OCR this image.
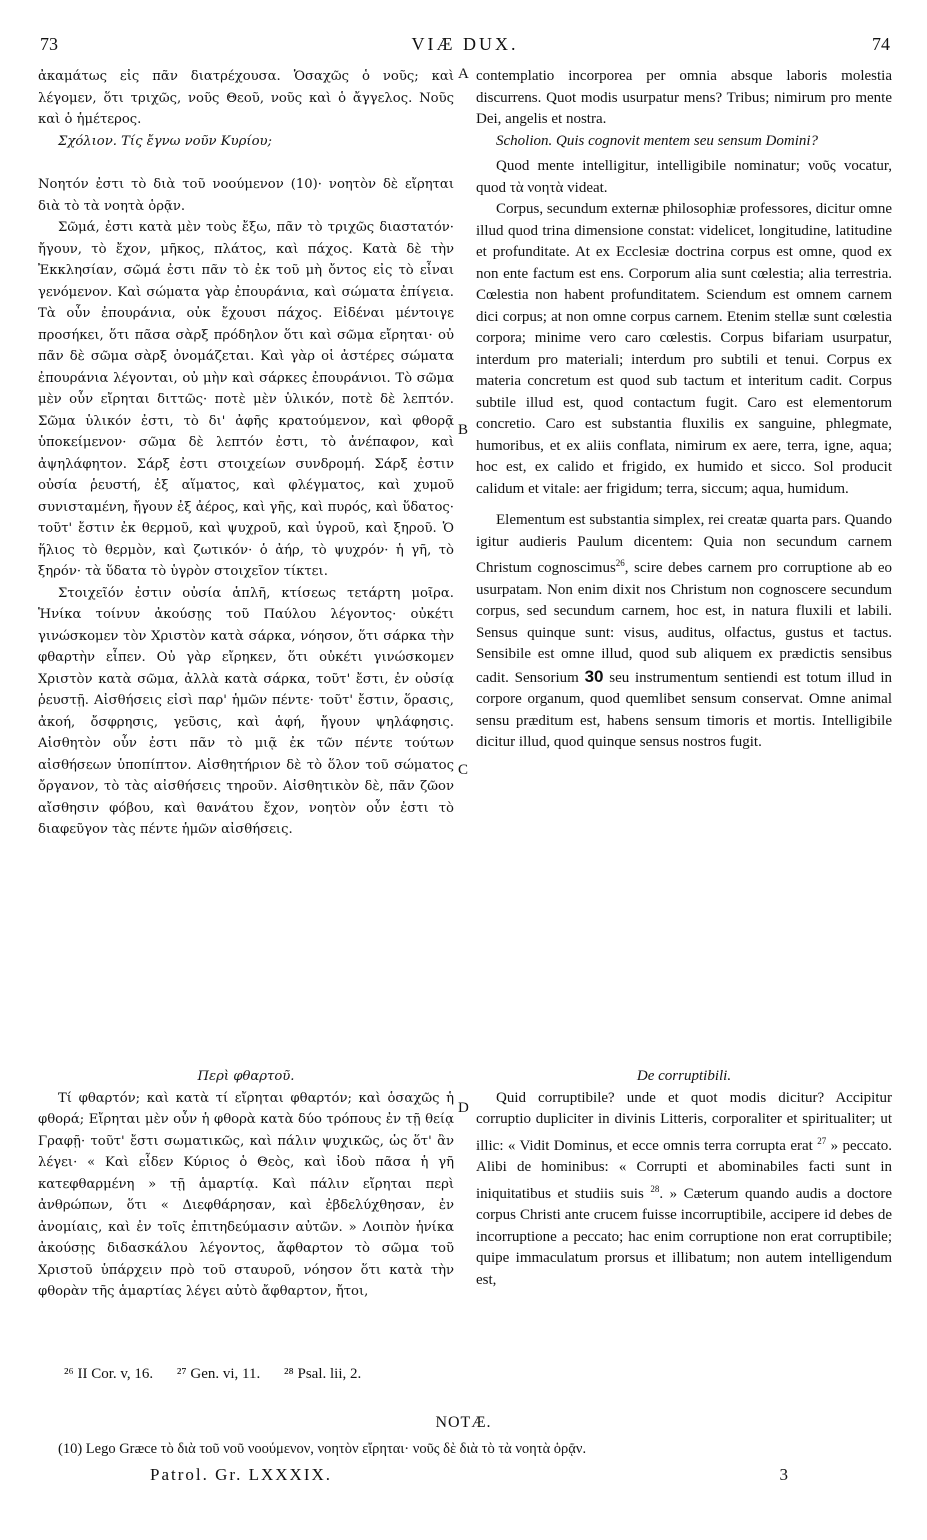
73	VIÆ DUX.	74
A
B
C
D

ἀκαμάτως εἰς πᾶν διατρέχουσα. Ὁσαχῶς ὁ νοῦς; καὶ λέγομεν, ὅτι τριχῶς, νοῦς Θεοῦ, νοῦς καὶ ὁ ἄγγελος. Νοῦς καὶ ὁ ἡμέτερος.

Σχόλιον. Τίς ἔγνω νοῦν Κυρίου;

Νοητόν ἐστι τὸ διὰ τοῦ νοούμενον (10)· νοητὸν δὲ εἴρηται διὰ τὸ τὰ νοητὰ ὁρᾷν.

Σῶμά, ἐστι κατὰ μὲν τοὺς ἔξω, πᾶν τὸ τριχῶς διαστατόν· ἤγουν, τὸ ἔχον, μῆκος, πλάτος, καὶ πάχος. Κατὰ δὲ τὴν Ἐκκλησίαν, σῶμά ἐστι πᾶν τὸ ἐκ τοῦ μὴ ὄντος εἰς τὸ εἶναι γενόμενον. Καὶ σώματα γὰρ ἐπουράνια, καὶ σώματα ἐπίγεια. Τὰ οὖν ἐπουράνια, οὐκ ἔχουσι πάχος. Εἰδέναι μέντοιγε προσήκει, ὅτι πᾶσα σὰρξ πρόδηλον ὅτι καὶ σῶμα εἴρηται· οὐ πᾶν δὲ σῶμα σὰρξ ὀνομάζεται. Καὶ γὰρ οἱ ἀστέρες σώματα ἐπουράνια λέγονται, οὐ μὴν καὶ σάρκες ἐπουράνιοι. Τὸ σῶμα μὲν οὖν εἴρηται διττῶς· ποτὲ μὲν ὑλικόν, ποτὲ δὲ λεπτόν. Σῶμα ὑλικόν ἐστι, τὸ δι' ἀφῆς κρατούμενον, καὶ φθορᾷ ὑποκείμενον· σῶμα δὲ λεπτόν ἐστι, τὸ ἀνέπαφον, καὶ ἀψηλάφητον. Σάρξ ἐστι στοιχείων συνδρομή. Σάρξ ἐστιν οὐσία ῥευστή, ἐξ αἵματος, καὶ φλέγματος, καὶ χυμοῦ συνισταμένη, ἤγουν ἐξ ἀέρος, καὶ γῆς, καὶ πυρός, καὶ ὕδατος· τοῦτ' ἔστιν ἐκ θερμοῦ, καὶ ψυχροῦ, καὶ ὑγροῦ, καὶ ξηροῦ. Ὁ ἥλιος τὸ θερμὸν, καὶ ζωτικόν· ὁ ἀήρ, τὸ ψυχρόν· ἡ γῆ, τὸ ξηρόν· τὰ ὕδατα τὸ ὑγρὸν στοιχεῖον τίκτει.

Στοιχεῖόν ἐστιν οὐσία ἁπλῆ, κτίσεως τετάρτη μοῖρα. Ἡνίκα τοίνυν ἀκούσῃς τοῦ Παύλου λέγοντος· οὐκέτι γινώσκομεν τὸν Χριστὸν κατὰ σάρκα, νόησον, ὅτι σάρκα τὴν φθαρτὴν εἶπεν. Οὐ γὰρ εἴρηκεν, ὅτι οὐκέτι γινώσκομεν Χριστὸν κατὰ σῶμα, ἀλλὰ κατὰ σάρκα, τοῦτ' ἔστι, ἐν οὐσίᾳ ῥευστῇ. Αἰσθήσεις εἰσὶ παρ' ἡμῶν πέντε· τοῦτ' ἔστιν, ὅρασις, ἀκοή, ὄσφρησις, γεῦσις, καὶ ἁφή, ἤγουν ψηλάφησις. Αἰσθητὸν οὖν ἐστι πᾶν τὸ μιᾷ ἐκ τῶν πέντε τούτων αἰσθήσεων ὑποπίπτον. Αἰσθητήριον δὲ τὸ ὅλον τοῦ σώματος ὄργανον, τὸ τὰς αἰσθήσεις τηροῦν. Αἰσθητικὸν δὲ, πᾶν ζῶον αἴσθησιν φόβου, καὶ θανάτου ἔχον, νοητὸν οὖν ἐστι τὸ διαφεῦγον τὰς πέντε ἡμῶν αἰσθήσεις.

Περὶ φθαρτοῦ.

Τί φθαρτόν; καὶ κατὰ τί εἴρηται φθαρτόν; καὶ ὁσαχῶς ἡ φθορά; Εἴρηται μὲν οὖν ἡ φθορὰ κατὰ δύο τρόπους ἐν τῇ θείᾳ Γραφῇ· τοῦτ' ἔστι σωματικῶς, καὶ πάλιν ψυχικῶς, ὡς ὅτ' ἂν λέγει· « Καὶ εἶδεν Κύριος ὁ Θεὸς, καὶ ἰδοὺ πᾶσα ἡ γῆ κατεφθαρμένη » τῇ ἁμαρτίᾳ. Καὶ πάλιν εἴρηται περὶ ἀνθρώπων, ὅτι « Διεφθάρησαν, καὶ ἐβδελύχθησαν, ἐν ἀνομίαις, καὶ ἐν τοῖς ἐπιτηδεύμασιν αὐτῶν. » Λοιπὸν ἡνίκα ἀκούσῃς διδασκάλου λέγοντος, ἄφθαρτον τὸ σῶμα τοῦ Χριστοῦ ὑπάρχειν πρὸ τοῦ σταυροῦ, νόησον ὅτι κατὰ τὴν φθορὰν τῆς ἁμαρτίας λέγει αὐτὸ ἄφθαρτον, ἤτοι,

contemplatio incorporea per omnia absque laboris molestia discurrens. Quot modis usurpatur mens? Tribus; nimirum pro mente Dei, angelis et nostra.

Scholion. Quis cognovit mentem seu sensum Domini?

Quod mente intelligitur, intelligibile nominatur; νοῦς vocatur, quod τὰ νοητὰ videat.

Corpus, secundum externæ philosophiæ professores, dicitur omne illud quod trina dimensione constat: videlicet, longitudine, latitudine et profunditate. At ex Ecclesiæ doctrina corpus est omne, quod ex non ente factum est ens. Corporum alia sunt cœlestia; alia terrestria. Cœlestia non habent profunditatem. Sciendum est omnem carnem dici corpus; at non omne corpus carnem. Etenim stellæ sunt cœlestia corpora; minime vero caro cœlestis. Corpus bifariam usurpatur, interdum pro materiali; interdum pro subtili et tenui. Corpus ex materia concretum est quod sub tactum et interitum cadit. Corpus subtile illud est, quod contactum fugit. Caro est elementorum concretio. Caro est substantia fluxilis ex sanguine, phlegmate, humoribus, et ex aliis conflata, nimirum ex aere, terra, igne, aqua; hoc est, ex calido et frigido, ex humido et sicco. Sol producit calidum et vitale: aer frigidum; terra, siccum; aqua, humidum.

Elementum est substantia simplex, rei creatæ quarta pars. Quando igitur audieris Paulum dicentem: Quia non secundum carnem Christum cognoscimus$^{26}$, scire debes carnem pro corruptione ab eo usurpatam. Non enim dixit nos Christum non cognoscere secundum corpus, sed secundum carnem, hoc est, in natura fluxili et labili. Sensus quinque sunt: visus, auditus, olfactus, gustus et tactus. Sensibile est omne illud, quod sub aliquem ex prædictis sensibus cadit. Sensorium 30 seu instrumentum sentiendi est totum illud in corpore organum, quod quemlibet sensum conservat. Omne animal sensu præditum est, habens sensum timoris et mortis. Intelligibile dicitur illud, quod quinque sensus nostros fugit.

De corruptibili.

Quid corruptibile? unde et quot modis dicitur? Accipitur corruptio dupliciter in divinis Litteris, corporaliter et spiritualiter; ut illic: « Vidit Dominus, et ecce omnis terra corrupta erat $^{27}$ » peccato. Alibi de hominibus: « Corrupti et abominabiles facti sunt in iniquitatibus et studiis suis $^{28}$. » Cæterum quando audis a doctore corpus Christi ante crucem fuisse incorruptibile, accipere id debes de incorruptione a peccato; hac enim corruptione non erat corruptibile; quipe immaculatum prorsus et illibatum; non autem intelligendum est,

²⁶ II Cor. v, 16. ²⁷ Gen. vi, 11. ²⁸ Psal. lii, 2.
NOTÆ.
(10) Lego Græce τὸ διὰ τοῦ νοῦ νοούμενον, νοητὸν εἴρηται· νοῦς δὲ διὰ τὸ τὰ νοητὰ ὁρᾷν.
Patrol. Gr. LXXXIX.	3
